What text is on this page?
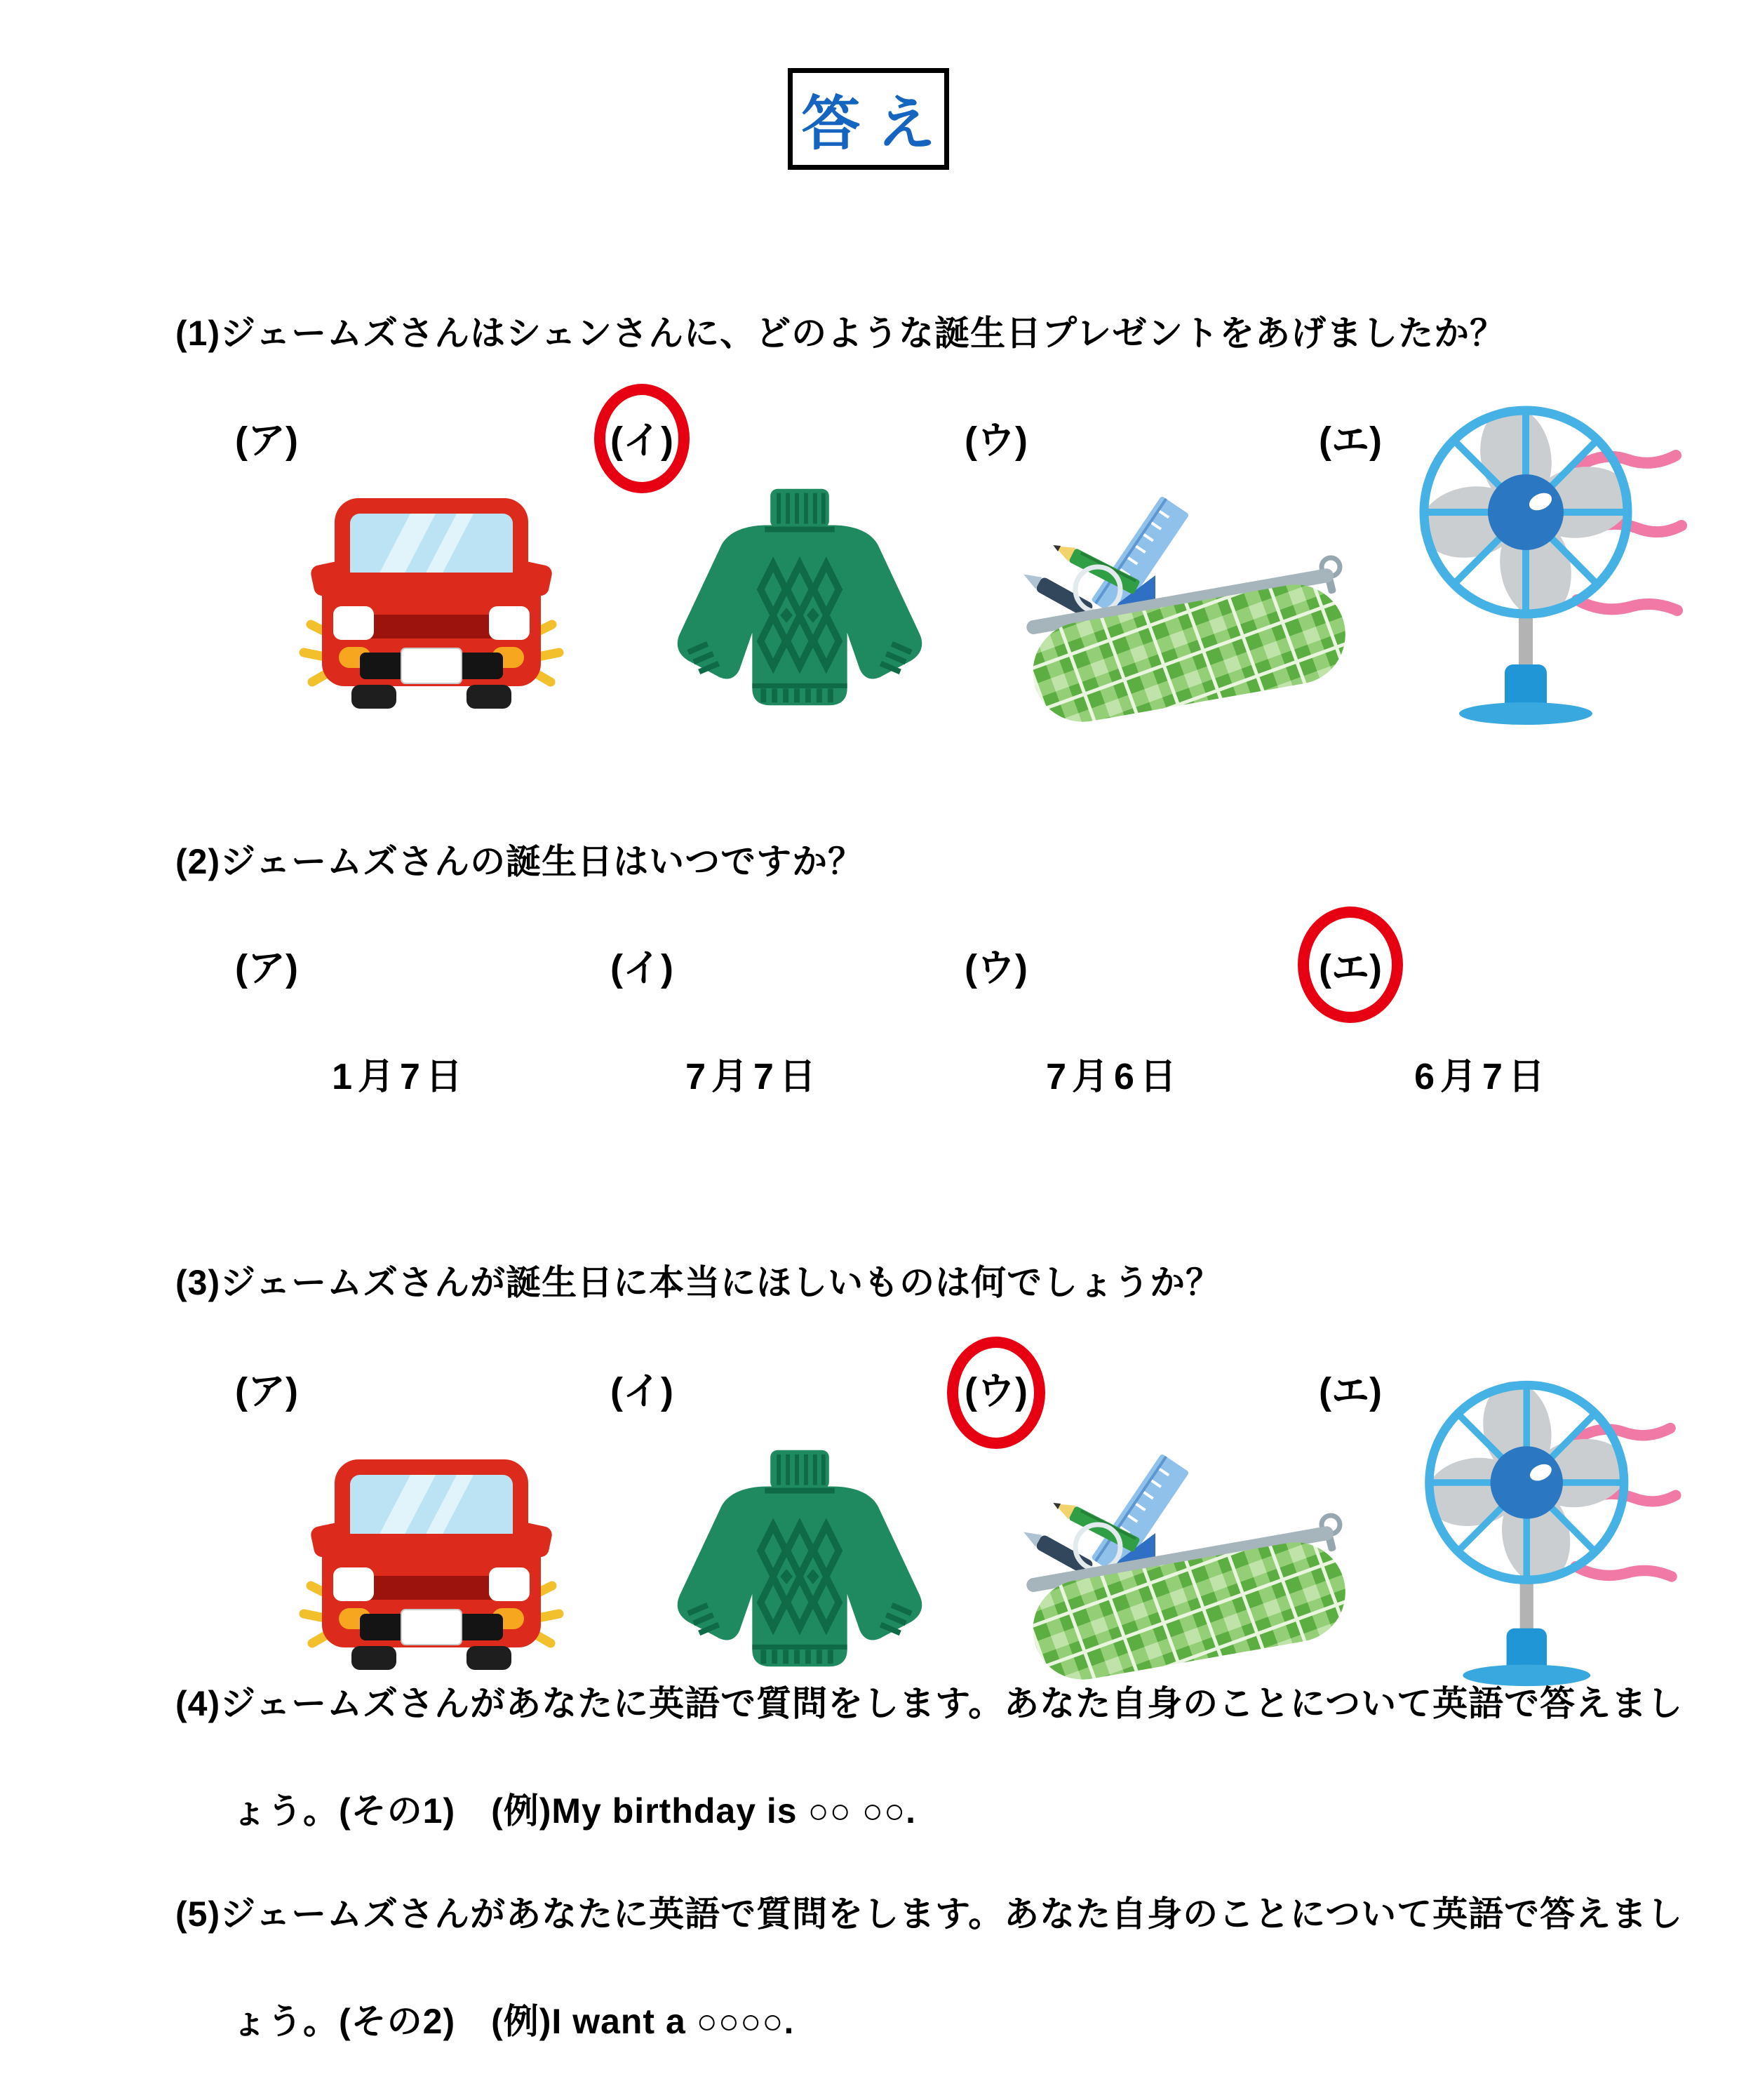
答 え
(1)ジェームズさんはシェンさんに、どのような誕生日プレゼントをあげましたか？
(ア)	(イ)	(ウ)	(エ)
(2)ジェームズさんの誕生日はいつですか？
(ア)	(イ)	(ウ)	(エ)
1月7日	7月7日	7月6日	6月7日
(3)ジェームズさんが誕生日に本当にほしいものは何でしょうか？
(ア)	(イ)	(ウ)	(エ)
(4)ジェームズさんがあなたに英語で質問をします。あなた自身のことについて英語で答えまし
ょう。(その1)　(例)My birthday is ○○ ○○.
(5)ジェームズさんがあなたに英語で質問をします。あなた自身のことについて英語で答えまし
ょう。(その2)　(例)I want a ○○○○.
